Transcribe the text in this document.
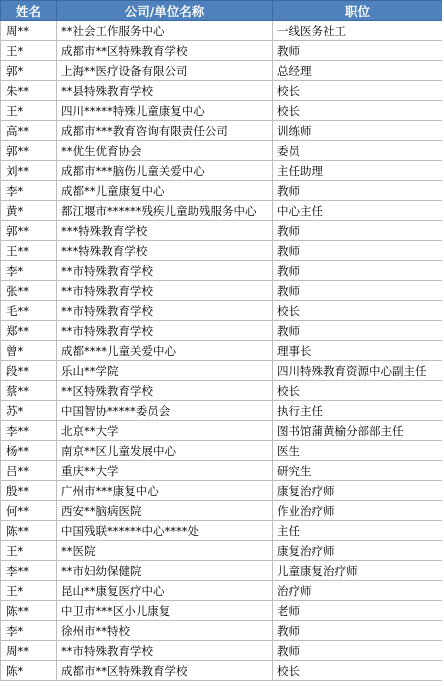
姓名	公司/单位名称	职位
周**	**社会工作服务中心	一线医务社工
王*	成都市**区特殊教育学校	教师
郭*	上海**医疗设备有限公司	总经理
朱**	**县特殊教育学校	校长
王*	四川*****特殊儿童康复中心	校长
高**	成都市***教育咨询有限责任公司	训练师
郭**	**优生优育协会	委员
刘**	成都市***脑伤儿童关爱中心	主任助理
李*	成都**儿童康复中心	教师
黄*	都江堰市******残疾儿童助残服务中心	中心主任
郭**	***特殊教育学校	教师
王**	***特殊教育学校	教师
李*	**市特殊教育学校	教师
张**	**市特殊教育学校	教师
毛**	**市特殊教育学校	校长
郑**	**市特殊教育学校	教师
曾*	成都****儿童关爱中心	理事长
段**	乐山**学院	四川特殊教育资源中心副主任
蔡**	**区特殊教育学校	校长
苏*	中国智协*****委员会	执行主任
李**	北京**大学	图书馆蒲黄榆分部部主任
杨**	南京**区儿童发展中心	医生
吕**	重庆**大学	研究生
殷**	广州市***康复中心	康复治疗师
何**	西安**脑病医院	作业治疗师
陈**	中国残联******中心****处	主任
王*	**医院	康复治疗师
李**	**市妇幼保健院	儿童康复治疗师
王*	昆山**康复医疗中心	治疗师
陈**	中卫市***区小儿康复	老师
李*	徐州市**特校	教师
周**	**市特殊教育学校	教师
陈*	成都市**区特殊教育学校	校长
